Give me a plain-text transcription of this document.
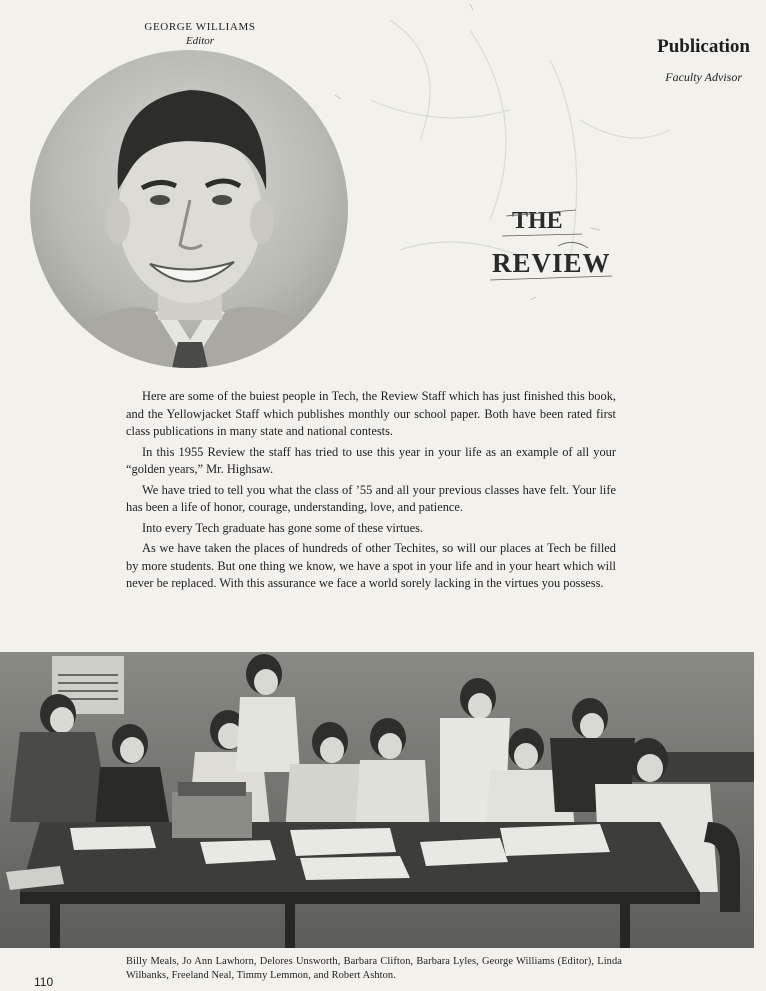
GEORGE WILLIAMS
Editor	Publication
Faculty Advisor
THE
REVIEW

Here are some of the buiest people in Tech, the Review Staff which has just finished this book, and the Yellowjacket Staff which publishes monthly our school paper. Both have been rated first class publications in many state and national contests.

In this 1955 Review the staff has tried to use this year in your life as an example of all your “golden years,” Mr. Highsaw.

We have tried to tell you what the class of ’55 and all your previous classes have felt. Your life has been a life of honor, courage, understanding, love, and patience.

Into every Tech graduate has gone some of these virtues.

As we have taken the places of hundreds of other Techites, so will our places at Tech be filled by more students. But one thing we know, we have a spot in your life and in your heart which will never be replaced. With this assurance we face a world sorely lacking in the virtues you possess.

Billy Meals, Jo Ann Lawhorn, Delores Unsworth, Barbara Clifton, Barbara Lyles, George Williams (Editor), Linda Wilbanks, Freeland Neal, Timmy Lemmon, and Robert Ashton.
110
